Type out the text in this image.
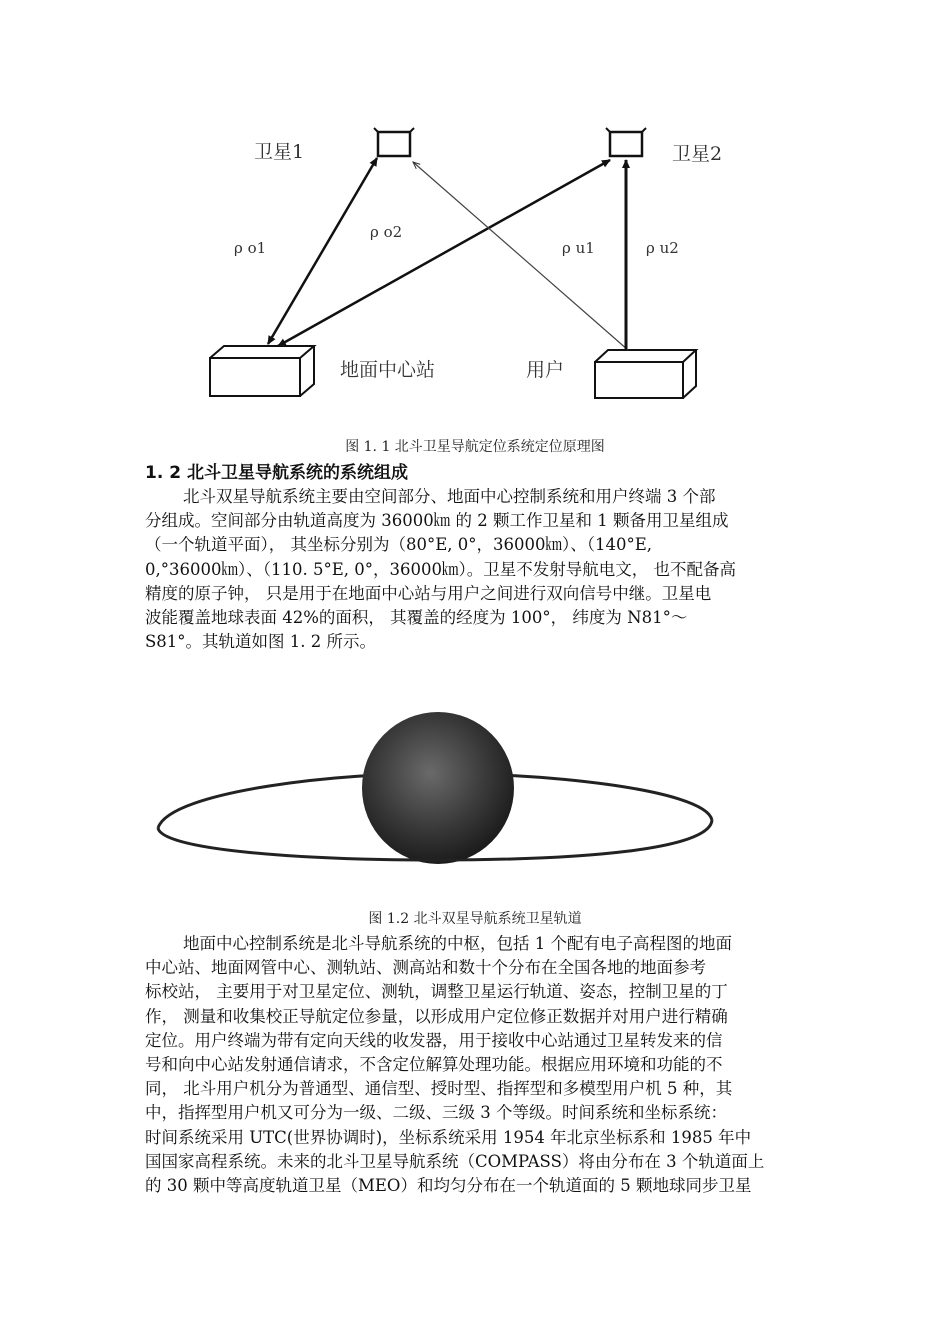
卫星1	卫星2
ρ o1
ρ o2
ρ u1	ρ u2
地面中心站	用户
图 1. 1 北斗卫星导航定位系统定位原理图
1. 2 北斗卫星导航系统的系统组成
北斗双星导航系统主要由空间部分、地面中心控制系统和用户终端 3 个部
分组成。空间部分由轨道高度为 36000㎞ 的 2 颗工作卫星和 1 颗备用卫星组成
（一个轨道平面）， 其坐标分别为（80°E, 0°，36000㎞）、（140°E,
0,°36000㎞）、（110. 5°E, 0°，36000㎞）。卫星不发射导航电文， 也不配备高
精度的原子钟， 只是用于在地面中心站与用户之间进行双向信号中继。卫星电
波能覆盖地球表面 42%的面积， 其覆盖的经度为 100°， 纬度为 N81°～
S81°。其轨道如图 1. 2 所示。
图 1.2 北斗双星导航系统卫星轨道
地面中心控制系统是北斗导航系统的中枢，包括 1 个配有电子高程图的地面
中心站、地面网管中心、测轨站、测高站和数十个分布在全国各地的地面参考
标校站， 主要用于对卫星定位、测轨，调整卫星运行轨道、姿态，控制卫星的丁
作， 测量和收集校正导航定位参量，以形成用户定位修正数据并对用户进行精确
定位。用户终端为带有定向天线的收发器，用于接收中心站通过卫星转发来的信
号和向中心站发射通信请求，不含定位解算处理功能。根据应用环境和功能的不
同， 北斗用户机分为普通型、通信型、授时型、指挥型和多模型用户机 5 种，其
中，指挥型用户机又可分为一级、二级、三级 3 个等级。时间系统和坐标系统：
时间系统采用 UTC(世界协调时)，坐标系统采用 1954 年北京坐标系和 1985 年中
国国家高程系统。未来的北斗卫星导航系统（COMPASS）将由分布在 3 个轨道面上
的 30 颗中等高度轨道卫星（MEO）和均匀分布在一个轨道面的 5 颗地球同步卫星
